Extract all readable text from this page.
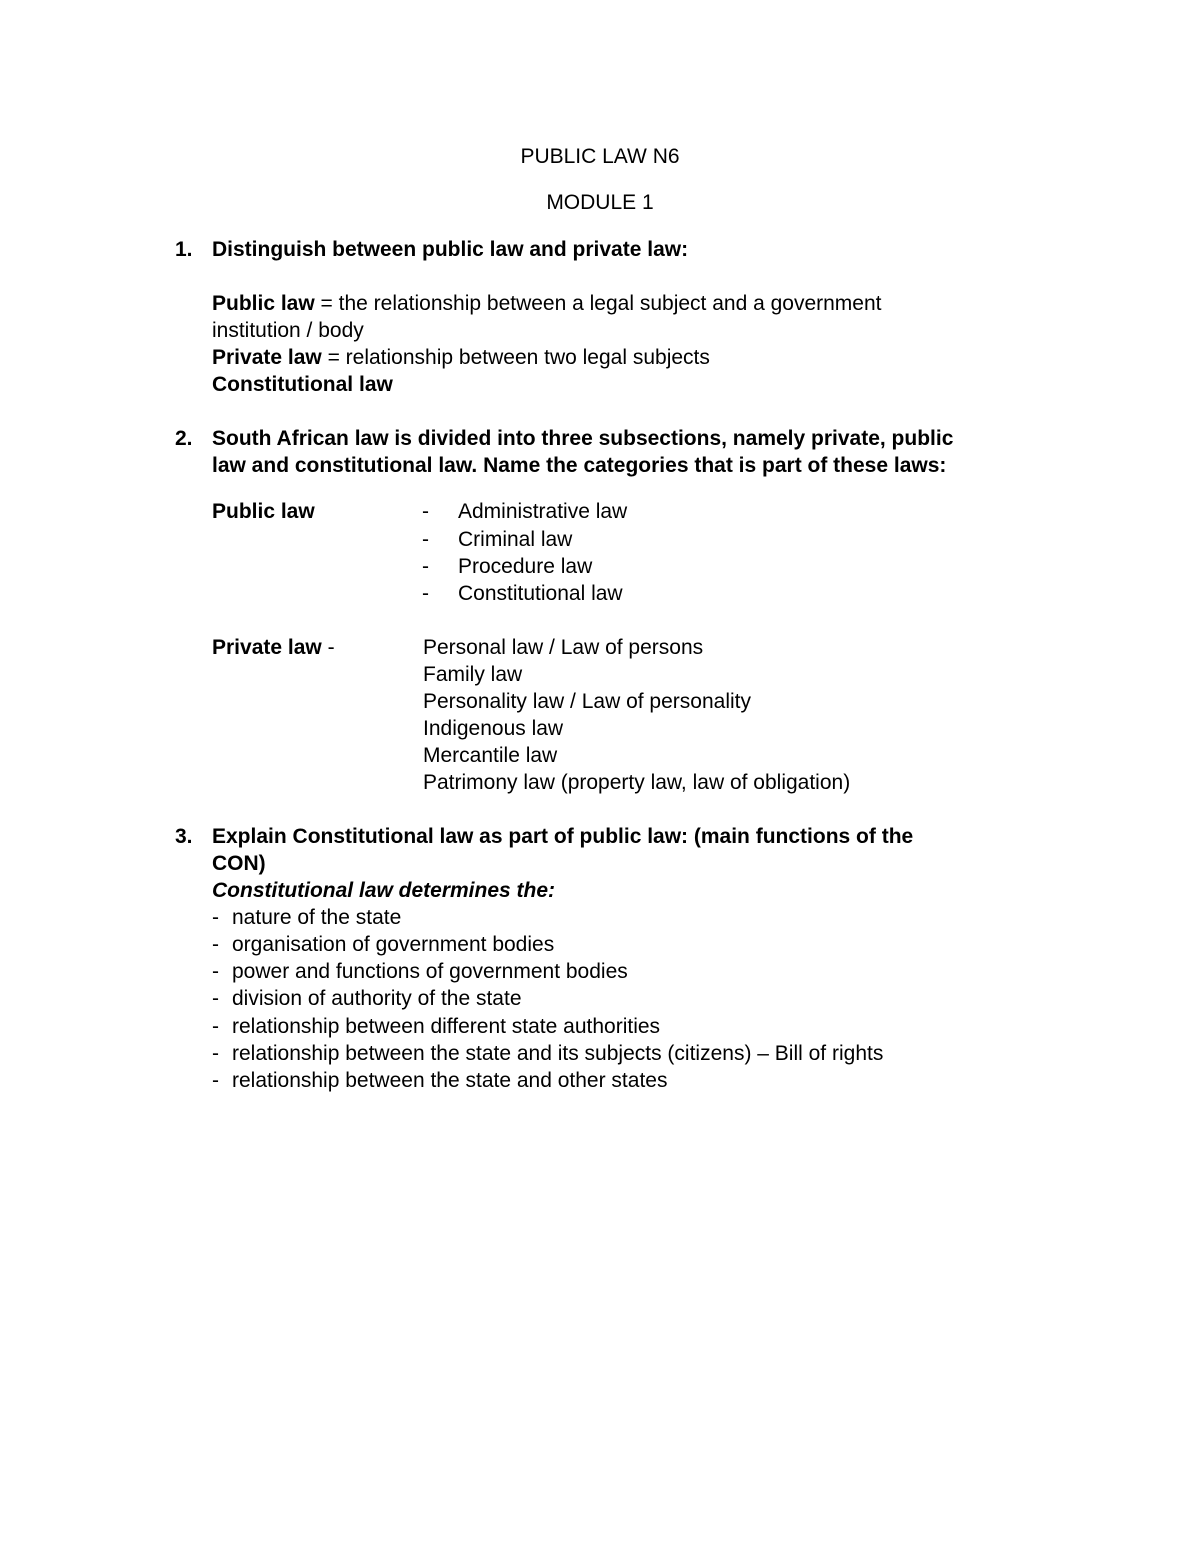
PUBLIC LAW N6
MODULE 1
1. Distinguish between public law and private law:
Public law = the relationship between a legal subject and a government
institution / body
Private law = relationship between two legal subjects
Constitutional law
2. South African law is divided into three subsections, namely private, public
law and constitutional law. Name the categories that is part of these laws:
Public law	- Administrative law
- Criminal law
- Procedure law
- Constitutional law
Private law -	Personal law / Law of persons
Family law
Personality law / Law of personality
Indigenous law
Mercantile law
Patrimony law (property law, law of obligation)
3. Explain Constitutional law as part of public law: (main functions of the
CON)
Constitutional law determines the:
- nature of the state
- organisation of government bodies
- power and functions of government bodies
- division of authority of the state
- relationship between different state authorities
- relationship between the state and its subjects (citizens) – Bill of rights
- relationship between the state and other states
